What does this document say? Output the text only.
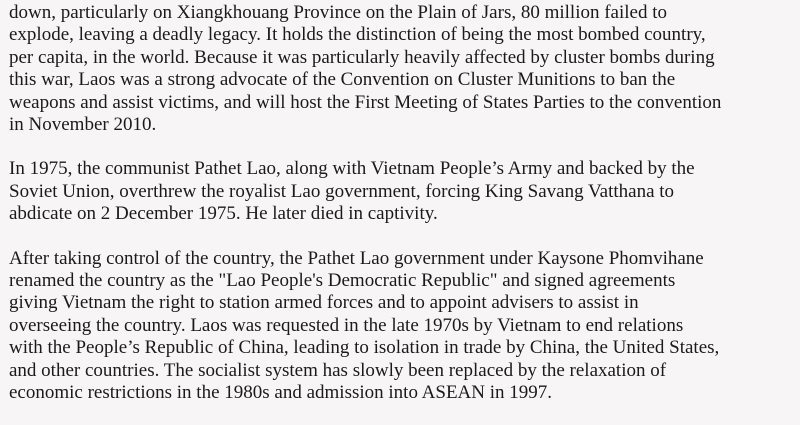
down, particularly on Xiangkhouang Province on the Plain of Jars, 80 million failed to
explode, leaving a deadly legacy. It holds the distinction of being the most bombed country,
per capita, in the world. Because it was particularly heavily affected by cluster bombs during
this war, Laos was a strong advocate of the Convention on Cluster Munitions to ban the
weapons and assist victims, and will host the First Meeting of States Parties to the convention
in November 2010.

In 1975, the communist Pathet Lao, along with Vietnam People’s Army and backed by the
Soviet Union, overthrew the royalist Lao government, forcing King Savang Vatthana to
abdicate on 2 December 1975. He later died in captivity.

After taking control of the country, the Pathet Lao government under Kaysone Phomvihane
renamed the country as the "Lao People's Democratic Republic" and signed agreements
giving Vietnam the right to station armed forces and to appoint advisers to assist in
overseeing the country. Laos was requested in the late 1970s by Vietnam to end relations
with the People’s Republic of China, leading to isolation in trade by China, the United States,
and other countries. The socialist system has slowly been replaced by the relaxation of
economic restrictions in the 1980s and admission into ASEAN in 1997.
